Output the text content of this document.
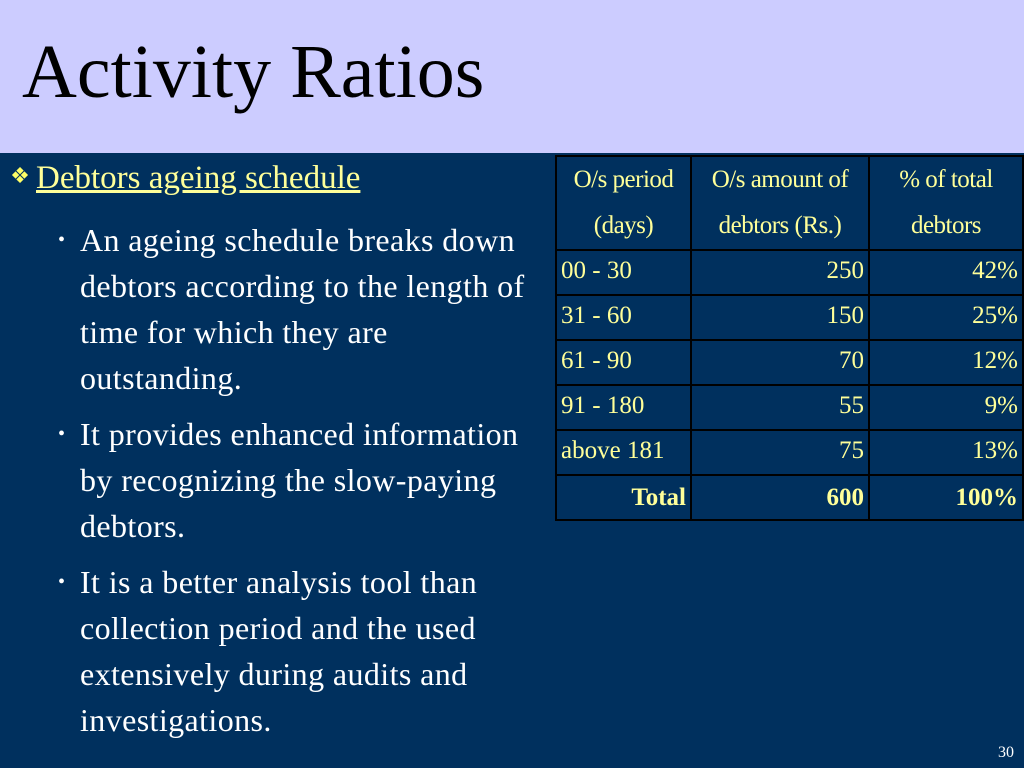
Activity Ratios
❖ Debtors ageing schedule
• An ageing schedule breaks down debtors according to the length of time for which they are outstanding.
• It provides enhanced information by recognizing the slow-paying debtors.
• It is a better analysis tool than collection period and the used extensively during audits and investigations.
O/s period (days)	O/s amount of debtors (Rs.)	% of total debtors
00 - 30	250	42%
31 - 60	150	25%
61 - 90	70	12%
91 - 180	55	9%
above 181	75	13%
Total	600	100%
30
